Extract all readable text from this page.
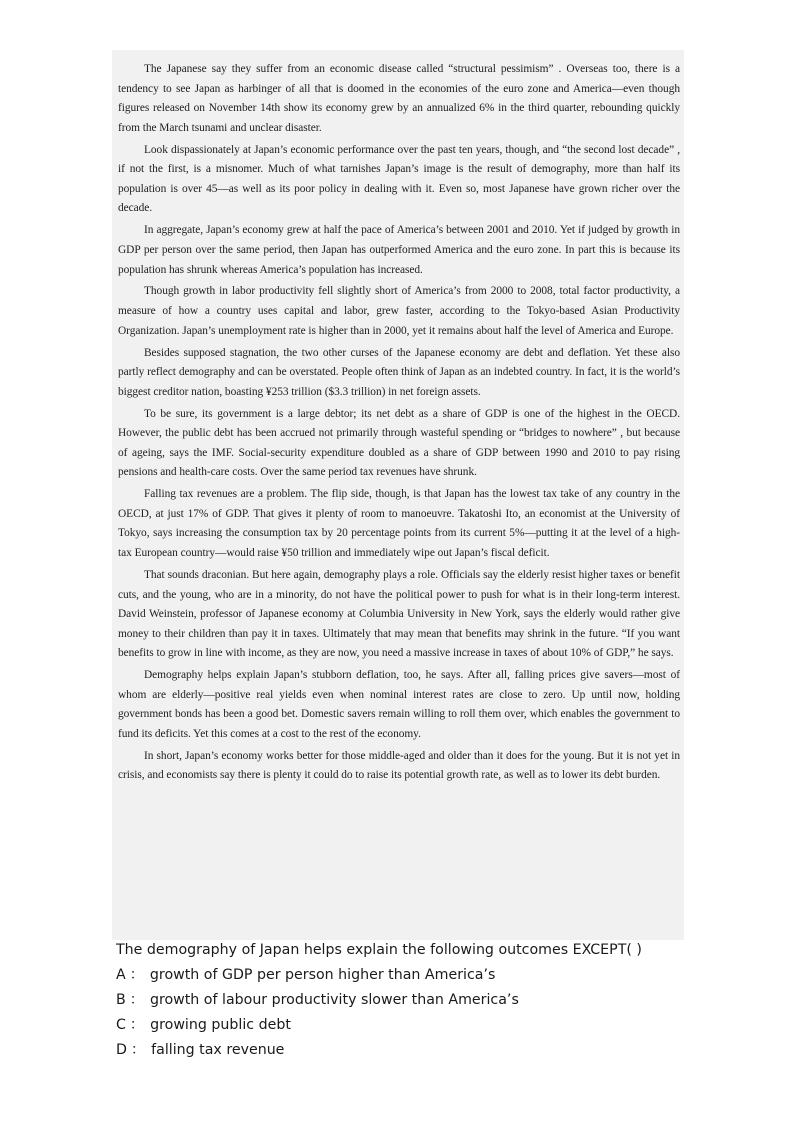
The Japanese say they suffer from an economic disease called “structural pessimism” . Overseas too, there is a tendency to see Japan as harbinger of all that is doomed in the economies of the euro zone and America—even though figures released on November 14th show its economy grew by an annualized 6% in the third quarter, rebounding quickly from the March tsunami and unclear disaster.

Look dispassionately at Japan’s economic performance over the past ten years, though, and “the second lost decade” , if not the first, is a misnomer. Much of what tarnishes Japan’s image is the result of demography, more than half its population is over 45—as well as its poor policy in dealing with it. Even so, most Japanese have grown richer over the decade.

In aggregate, Japan’s economy grew at half the pace of America’s between 2001 and 2010. Yet if judged by growth in GDP per person over the same period, then Japan has outperformed America and the euro zone. In part this is because its population has shrunk whereas America’s population has increased.

Though growth in labor productivity fell slightly short of America’s from 2000 to 2008, total factor productivity, a measure of how a country uses capital and labor, grew faster, according to the Tokyo-based Asian Productivity Organization. Japan’s unemployment rate is higher than in 2000, yet it remains about half the level of America and Europe.

Besides supposed stagnation, the two other curses of the Japanese economy are debt and deflation. Yet these also partly reflect demography and can be overstated. People often think of Japan as an indebted country. In fact, it is the world’s biggest creditor nation, boasting ¥253 trillion ($3.3 trillion) in net foreign assets.

To be sure, its government is a large debtor; its net debt as a share of GDP is one of the highest in the OECD. However, the public debt has been accrued not primarily through wasteful spending or “bridges to nowhere” , but because of ageing, says the IMF. Social-security expenditure doubled as a share of GDP between 1990 and 2010 to pay rising pensions and health-care costs. Over the same period tax revenues have shrunk.

Falling tax revenues are a problem. The flip side, though, is that Japan has the lowest tax take of any country in the OECD, at just 17% of GDP. That gives it plenty of room to manoeuvre. Takatoshi Ito, an economist at the University of Tokyo, says increasing the consumption tax by 20 percentage points from its current 5%—putting it at the level of a high-tax European country—would raise ¥50 trillion and immediately wipe out Japan’s fiscal deficit.

That sounds draconian. But here again, demography plays a role. Officials say the elderly resist higher taxes or benefit cuts, and the young, who are in a minority, do not have the political power to push for what is in their long-term interest. David Weinstein, professor of Japanese economy at Columbia University in New York, says the elderly would rather give money to their children than pay it in taxes. Ultimately that may mean that benefits may shrink in the future. “If you want benefits to grow in line with income, as they are now, you need a massive increase in taxes of about 10% of GDP,” he says.

Demography helps explain Japan’s stubborn deflation, too, he says. After all, falling prices give savers—most of whom are elderly—positive real yields even when nominal interest rates are close to zero. Up until now, holding government bonds has been a good bet. Domestic savers remain willing to roll them over, which enables the government to fund its deficits. Yet this comes at a cost to the rest of the economy.

In short, Japan’s economy works better for those middle-aged and older than it does for the young. But it is not yet in crisis, and economists say there is plenty it could do to raise its potential growth rate, as well as to lower its debt burden.

The demography of Japan helps explain the following outcomes EXCEPT( )
A ： growth of GDP per person higher than America’s
B ： growth of labour productivity slower than America’s
C ： growing public debt
D ： falling tax revenue
